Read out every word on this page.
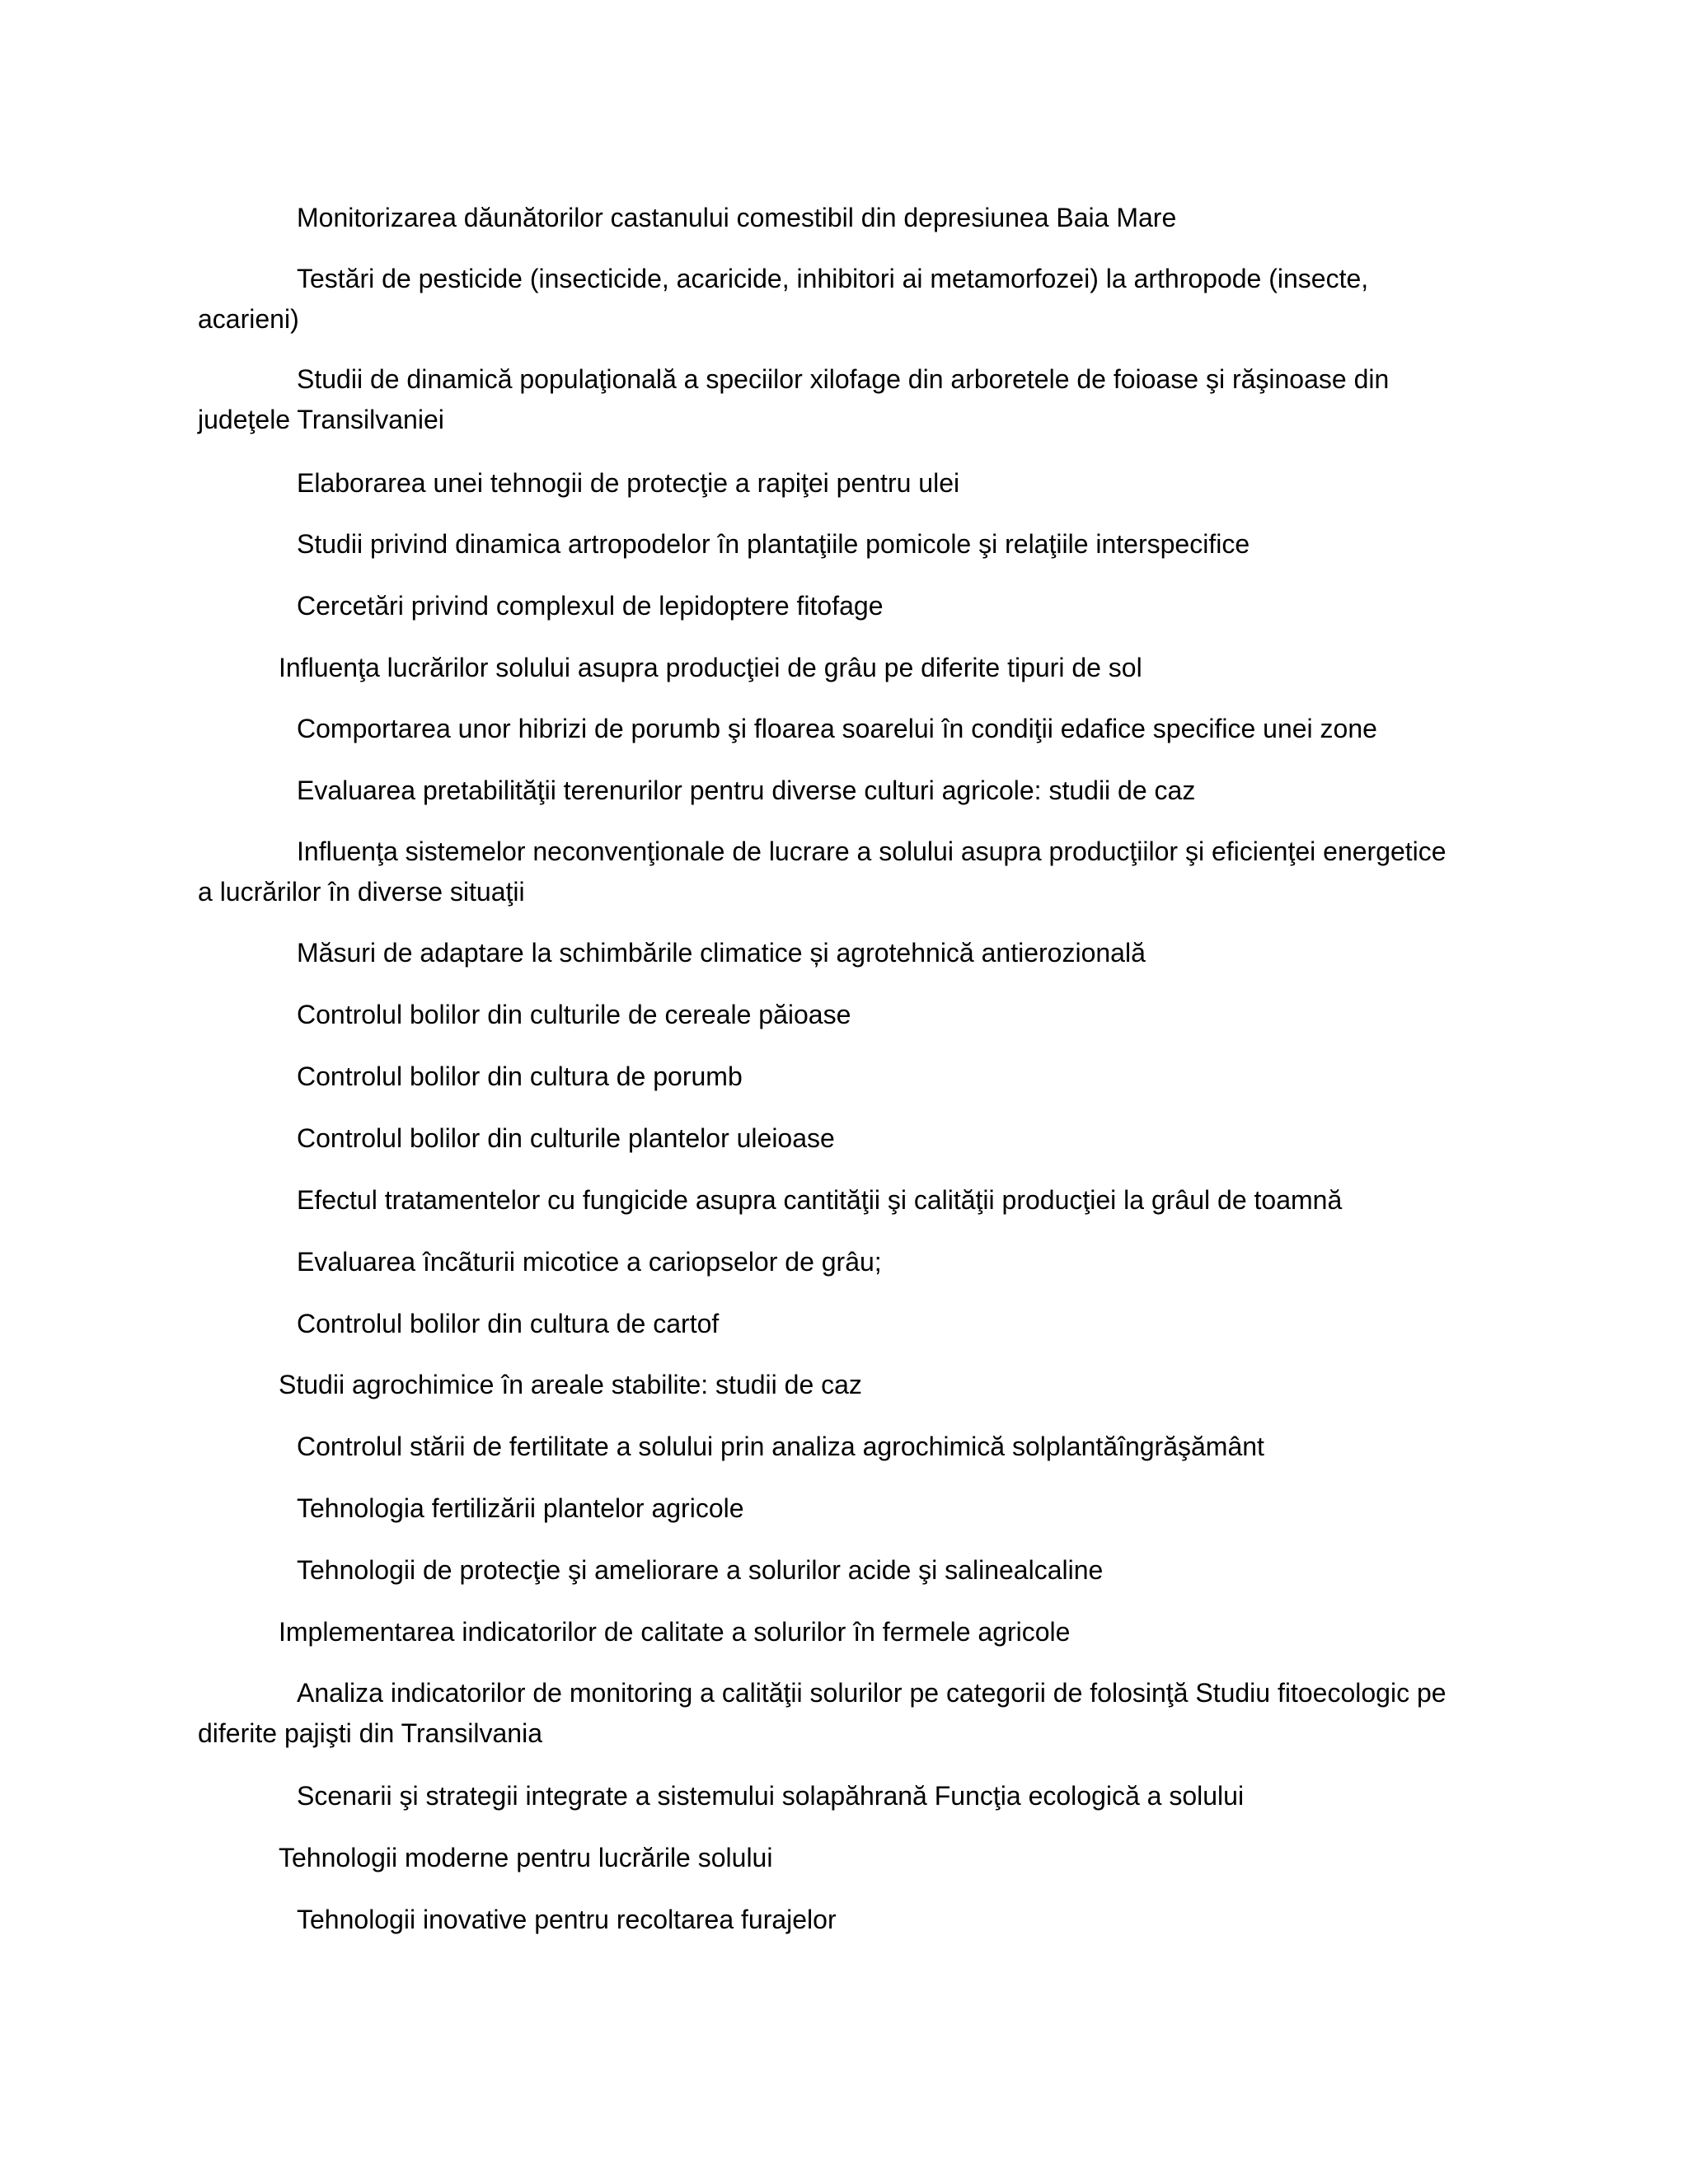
Monitorizarea dăunătorilor castanului comestibil din depresiunea Baia Mare

Testări de pesticide (insecticide, acaricide, inhibitori ai metamorfozei) la arthropode (insecte, acarieni)

Studii de dinamică populaţională a speciilor xilofage din arboretele de foioase şi răşinoase din judeţele Transilvaniei

Elaborarea unei tehnogii de protecţie a rapiţei pentru ulei

Studii privind dinamica artropodelor în plantaţiile pomicole şi relaţiile interspecifice

Cercetări privind complexul de lepidoptere fitofage

Influenţa lucrărilor solului asupra producţiei de grâu pe diferite tipuri de sol

Comportarea unor hibrizi de porumb şi floarea soarelui în condiţii edafice specifice unei zone

Evaluarea pretabilităţii terenurilor pentru diverse culturi agricole: studii de caz

Influenţa sistemelor neconvenţionale de lucrare a solului asupra producţiilor şi eficienţei energetice a lucrărilor în diverse situaţii

Măsuri de adaptare la schimbările climatice și agrotehnică antierozională

Controlul bolilor din culturile de cereale păioase

Controlul bolilor din cultura de porumb

Controlul bolilor din culturile plantelor uleioase

Efectul tratamentelor cu fungicide asupra cantităţii şi calităţii producţiei la grâul de toamnă

Evaluarea încãturii micotice a cariopselor de grâu;

Controlul bolilor din cultura de cartof

Studii agrochimice în areale stabilite: studii de caz

Controlul stării de fertilitate a solului prin analiza agrochimică solplantăîngrăşământ

Tehnologia fertilizării plantelor agricole

Tehnologii de protecţie şi ameliorare a solurilor acide şi salinealcaline

Implementarea indicatorilor de calitate a solurilor în fermele agricole

Analiza indicatorilor de monitoring a calităţii solurilor pe categorii de folosinţă Studiu fitoecologic pe diferite pajişti din Transilvania

Scenarii şi strategii integrate a sistemului solapăhrană Funcţia ecologică a solului

Tehnologii moderne pentru lucrările solului

Tehnologii inovative pentru recoltarea furajelor
